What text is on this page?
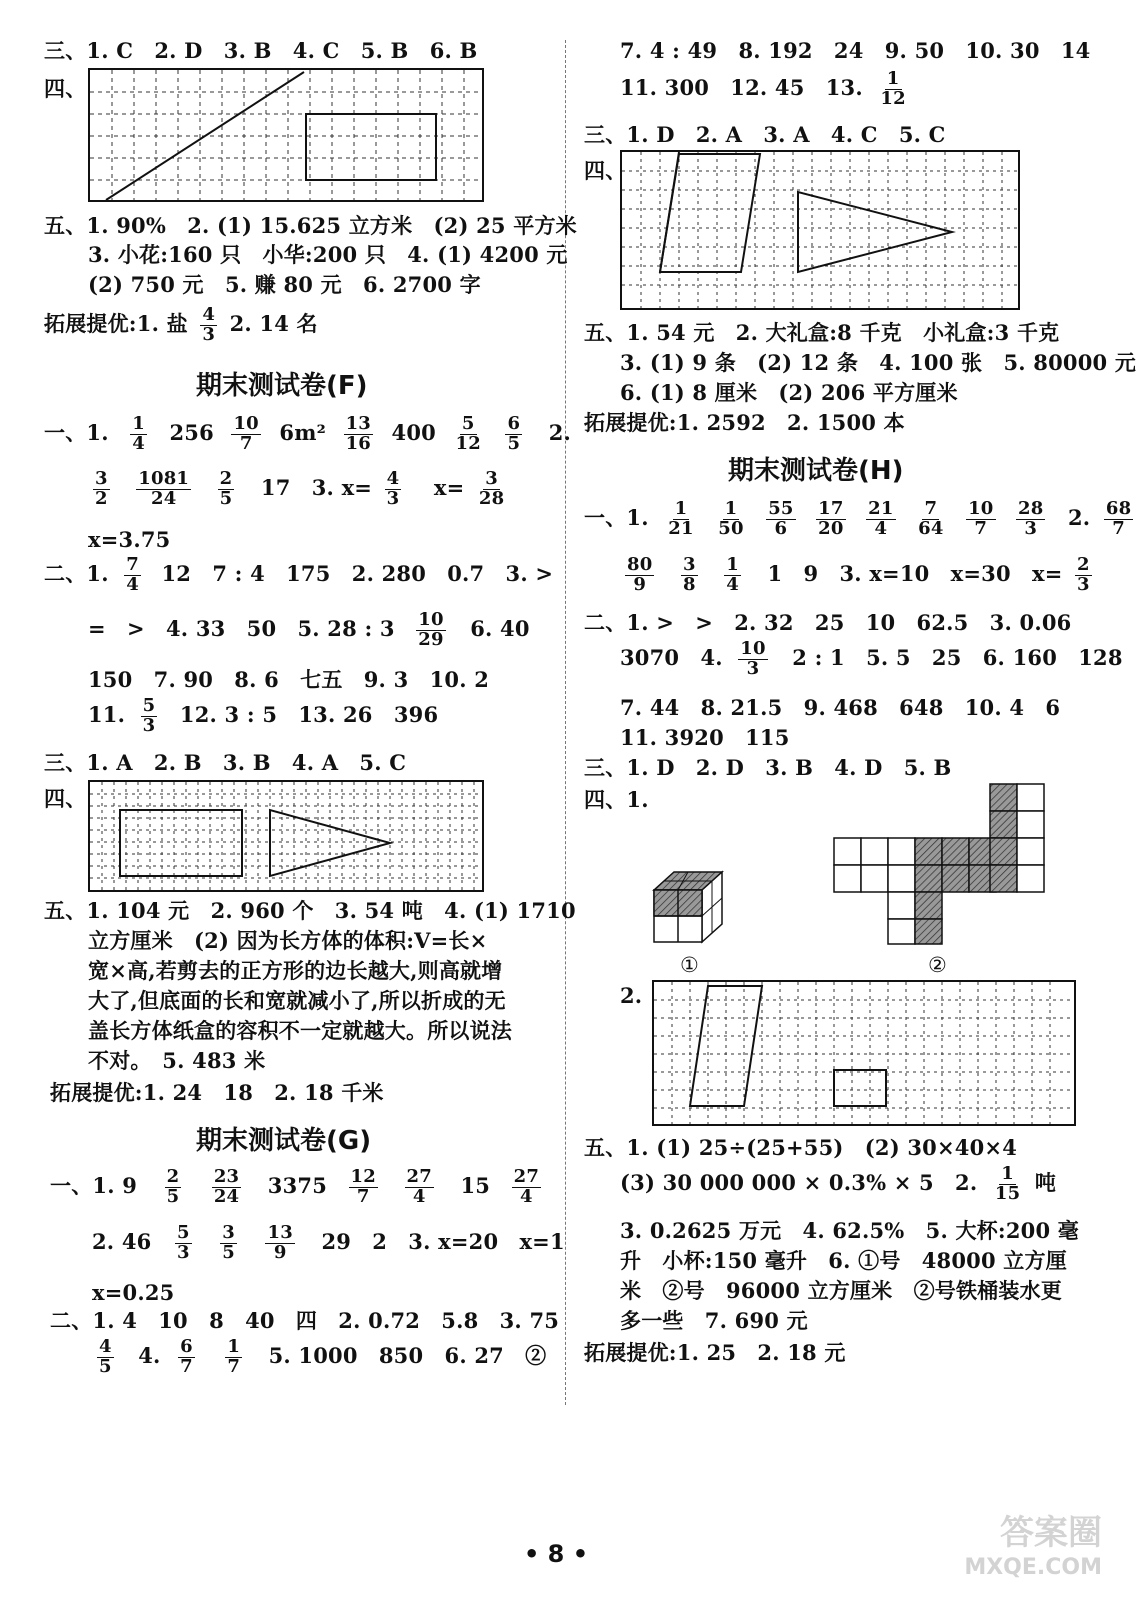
三、1. C　2. D　3. B　4. C　5. B　6. B
四、
五、1. 90%　2. (1) 15.625 立方米　(2) 25 平方米
3. 小花:160 只　小华:200 只　4. (1) 4200 元
(2) 750 元　5. 赚 80 元　6. 2700 字
拓展提优:1. 盐 $\frac{4}{3} 2$. 14 名
期末测试卷(F)
一、1. $\frac{1}{4} 256 \frac{10}{7} 6m^2 \frac{13}{16} 400 \frac{5}{12}$
$\frac{6}{5} 2$.
$\frac{3}{2}$
$\frac{1081}{24}$
$\frac{2}{5} 17$　3. $x= \frac{4}{3} x= \frac{3}{28}$
x=3.75
二、1. $\frac{7}{4} 12$　7 : 4　175　2. 280　0.7　3. >
=　>　4. 33　50　5. 28 : $3 \frac{10}{29} 6$. 40
150　7. 90　8. 6　七五　9. 3　10. 2
11. $\frac{5}{3} 12$. 3 : 5　13. 26　396
三、1. A　2. B　3. B　4. A　5. C
四、
五、1. 104 元　2. 960 个　3. 54 吨　4. (1) 1710
立方厘米　(2) 因为长方体的体积:V=长×
宽×高,若剪去的正方形的边长越大,则高就增
大了,但底面的长和宽就减小了,所以折成的无
盖长方体纸盒的容积不一定就越大。所以说法
不对。　5. 483 米
拓展提优:1. 24　18　2. 18 千米
期末测试卷(G)
一、1. $9 \frac{2}{5}$
$\frac{23}{24} 3375 \frac{12}{7}$
$\frac{27}{4} 15 \frac{27}{4}$
2. $46 \frac{5}{3}$
$\frac{3}{5}$
$\frac{13}{9} 29$　2　3. x=20　x=1
x=0.25
二、1. 4　10　8　40　四　2. 0.72　5.8　3. 75
$\frac{4}{5} 4$. $\frac{6}{7}$
$\frac{1}{7} 5$. 1000　850　6. 27　②
7. 4 : 49　8. 192　24　9. 50　10. 30　14
11. 300　12. 45　13. $\frac{1}{12}$
三、1. D　2. A　3. A　4. C　5. C
四、
五、1. 54 元　2. 大礼盒:8 千克　小礼盒:3 千克
3. (1) 9 条　(2) 12 条　4. 100 张　5. 80000 元
6. (1) 8 厘米　(2) 206 平方厘米
拓展提优:1. 2592　2. 1500 本
期末测试卷(H)
一、1. $\frac{1}{21}$
$\frac{1}{50}$
$\frac{55}{6}$
$\frac{17}{20}$
$\frac{21}{4}$
$\frac{7}{64}$
$\frac{10}{7}$
$\frac{28}{3} 2$. $\frac{68}{7}$
$\frac{80}{9}$
$\frac{3}{8}$
$\frac{1}{4} 1$　9　3. x=10　x=30　$x= \frac{2}{3}$
二、1. >　>　2. 32　25　10　62.5　3. 0.06
3070　4. $\frac{10}{3} 2$ : 1　5. 5　25　6. 160　128
7. 44　8. 21.5　9. 468　648　10. 4　6
11. 3920　115
三、1. D　2. D　3. B　4. D　5. B
四、1.
①	②
2.
五、1. (1) 25÷(25+55)　(2) 30×40×4
(3) 30 000 000 × 0.3% × 5　2. $\frac{1}{15}$ 吨
3. 0.2625 万元　4. 62.5%　5. 大杯:200 毫
升　小杯:150 毫升　6. ①号　48000 立方厘
米　②号　96000 立方厘米　②号铁桶装水更
多一些　7. 690 元
拓展提优:1. 25　2. 18 元
• 8 •
答案圈
MXQE.COM
